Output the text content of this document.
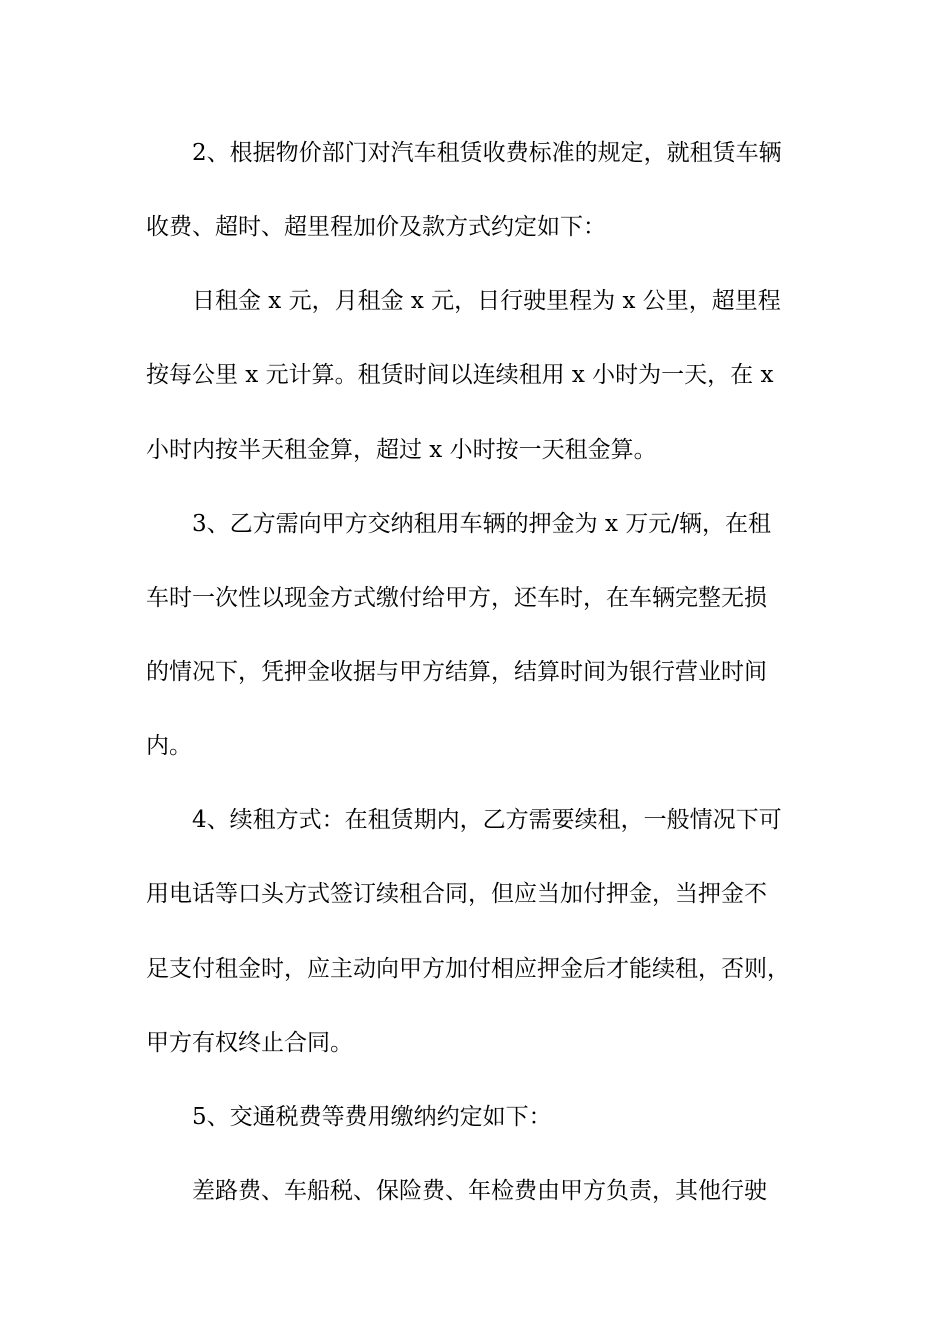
2、根据物价部门对汽车租赁收费标准的规定，就租赁车辆
收费、超时、超里程加价及款方式约定如下：
日租金 x 元，月租金 x 元，日行驶里程为 x 公里，超里程
按每公里 x 元计算。租赁时间以连续租用 x 小时为一天，在 x
小时内按半天租金算，超过 x 小时按一天租金算。
3、乙方需向甲方交纳租用车辆的押金为 x 万元/辆，在租
车时一次性以现金方式缴付给甲方，还车时，在车辆完整无损
的情况下，凭押金收据与甲方结算，结算时间为银行营业时间
内。
4、续租方式：在租赁期内，乙方需要续租，一般情况下可
用电话等口头方式签订续租合同，但应当加付押金，当押金不
足支付租金时，应主动向甲方加付相应押金后才能续租，否则，
甲方有权终止合同。
5、交通税费等费用缴纳约定如下：
差路费、车船税、保险费、年检费由甲方负责，其他行驶
